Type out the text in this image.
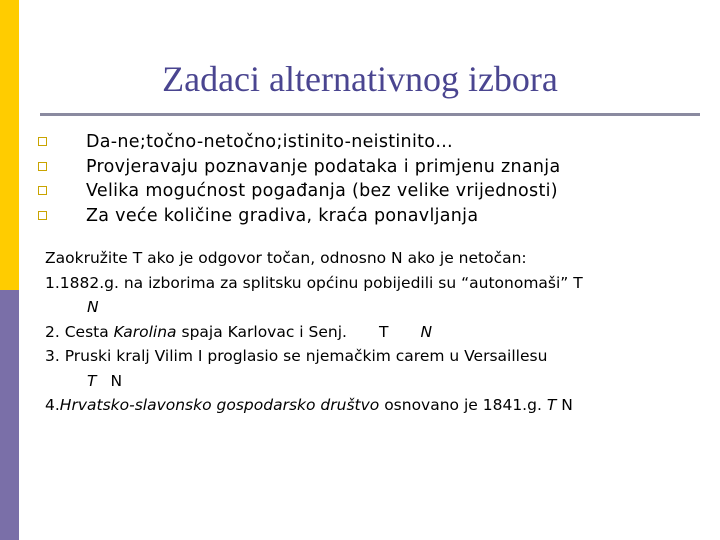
Zadaci alternativnog izbora
Da-ne;točno-netočno;istinito-neistinito…
Provjeravaju poznavanje podataka i primjenu znanja
Velika mogućnost pogađanja (bez velike vrijednosti)
Za veće količine gradiva, kraća ponavljanja
Zaokružite T ako je odgovor točan, odnosno N ako je netočan:
1.1882.g. na izborima za splitsku općinu pobijedili su “autonomaši” T
N
2. Cesta Karolina spaja Karlovac i Senj. T N
3. Pruski kralj Vilim I proglasio se njemačkim carem u Versaillesu
T N
4.Hrvatsko-slavonsko gospodarsko društvo osnovano je 1841.g. T N
